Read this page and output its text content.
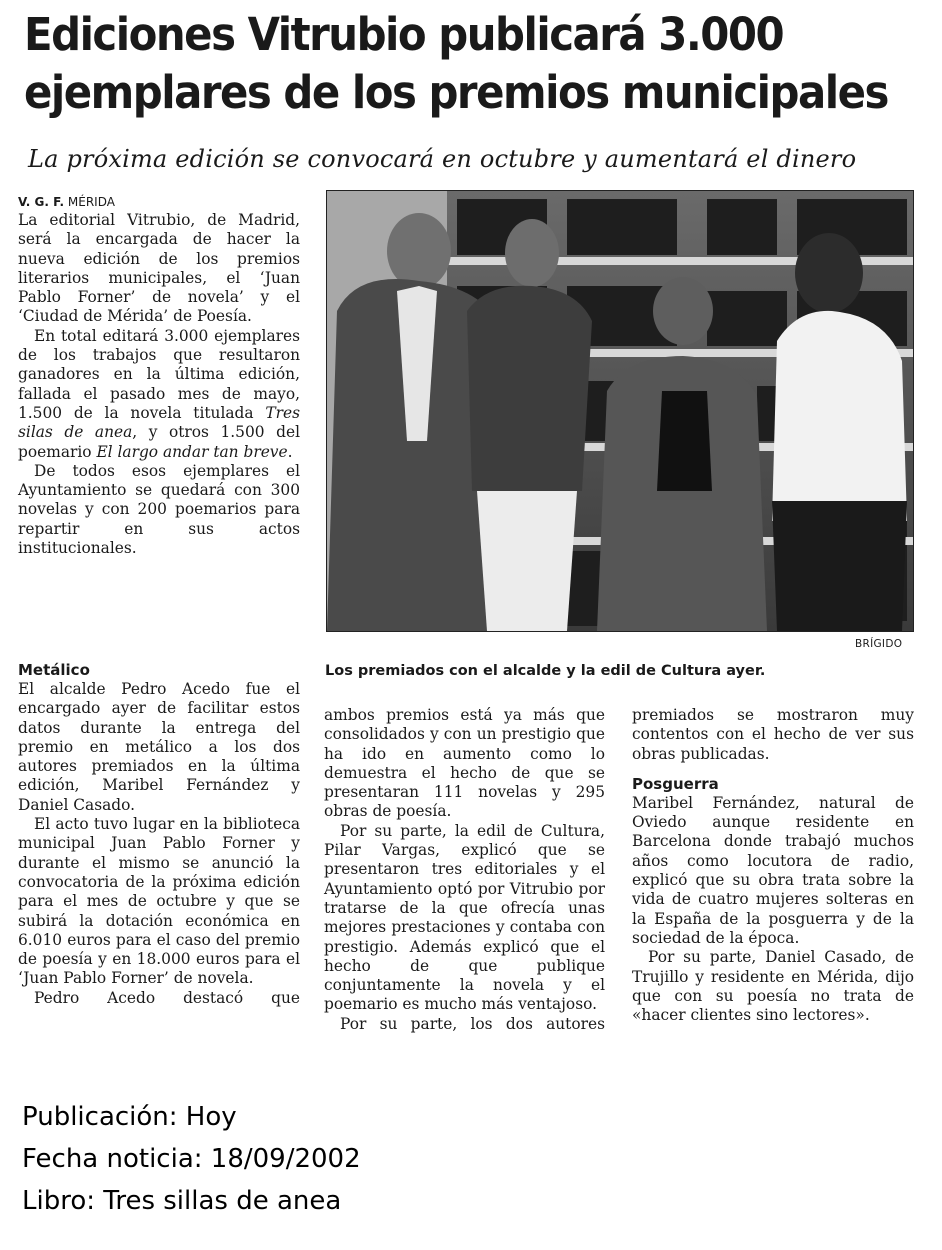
Ediciones Vitrubio publicará 3.000
ejemplares de los premios municipales
La próxima edición se convocará en octubre y aumentará el dinero
V. G. F. MÉRIDA

La editorial Vitrubio, de Madrid, será la encargada de hacer la nueva edición de los premios literarios municipales, el ‘Juan Pablo Forner’ de novela’ y el ‘Ciudad de Mérida’ de Poesía.

En total editará 3.000 ejemplares de los trabajos que resultaron ganadores en la última edición, fallada el pasado mes de mayo, 1.500 de la novela titulada Tres silas de anea, y otros 1.500 del poemario El largo andar tan breve.

De todos esos ejemplares el Ayuntamiento se quedará con 300 novelas y con 200 poemarios para repartir en sus actos institucionales.

Metálico

El alcalde Pedro Acedo fue el encargado ayer de facilitar estos datos durante la entrega del premio en metálico a los dos autores premiados en la última edición, Maribel Fernández y Daniel Casado.

El acto tuvo lugar en la biblioteca municipal Juan Pablo Forner y durante el mismo se anunció la convocatoria de la próxima edición para el mes de octubre y que se subirá la dotación económica en 6.010 euros para el caso del premio de poesía y en 18.000 euros para el ‘Juan Pablo Forner’ de novela.

Pedro Acedo destacó que

BRÍGIDO
Los premiados con el alcalde y la edil de Cultura ayer.

ambos premios está ya más que consolidados y con un prestigio que ha ido en aumento como lo demuestra el hecho de que se presentaran 111 novelas y 295 obras de poesía.

Por su parte, la edil de Cultura, Pilar Vargas, explicó que se presentaron tres editoriales y el Ayuntamiento optó por Vitrubio por tratarse de la que ofrecía unas mejores prestaciones y contaba con prestigio. Además explicó que el hecho de que publique conjuntamente la novela y el poemario es mucho más ventajoso.

Por su parte, los dos autores

premiados se mostraron muy contentos con el hecho de ver sus obras publicadas.

Posguerra

Maribel Fernández, natural de Oviedo aunque residente en Barcelona donde trabajó muchos años como locutora de radio, explicó que su obra trata sobre la vida de cuatro mujeres solteras en la España de la posguerra y de la sociedad de la época.

Por su parte, Daniel Casado, de Trujillo y residente en Mérida, dijo que con su poesía no trata de «hacer clientes sino lectores».

Publicación: Hoy
Fecha noticia: 18/09/2002
Libro: Tres sillas de anea
